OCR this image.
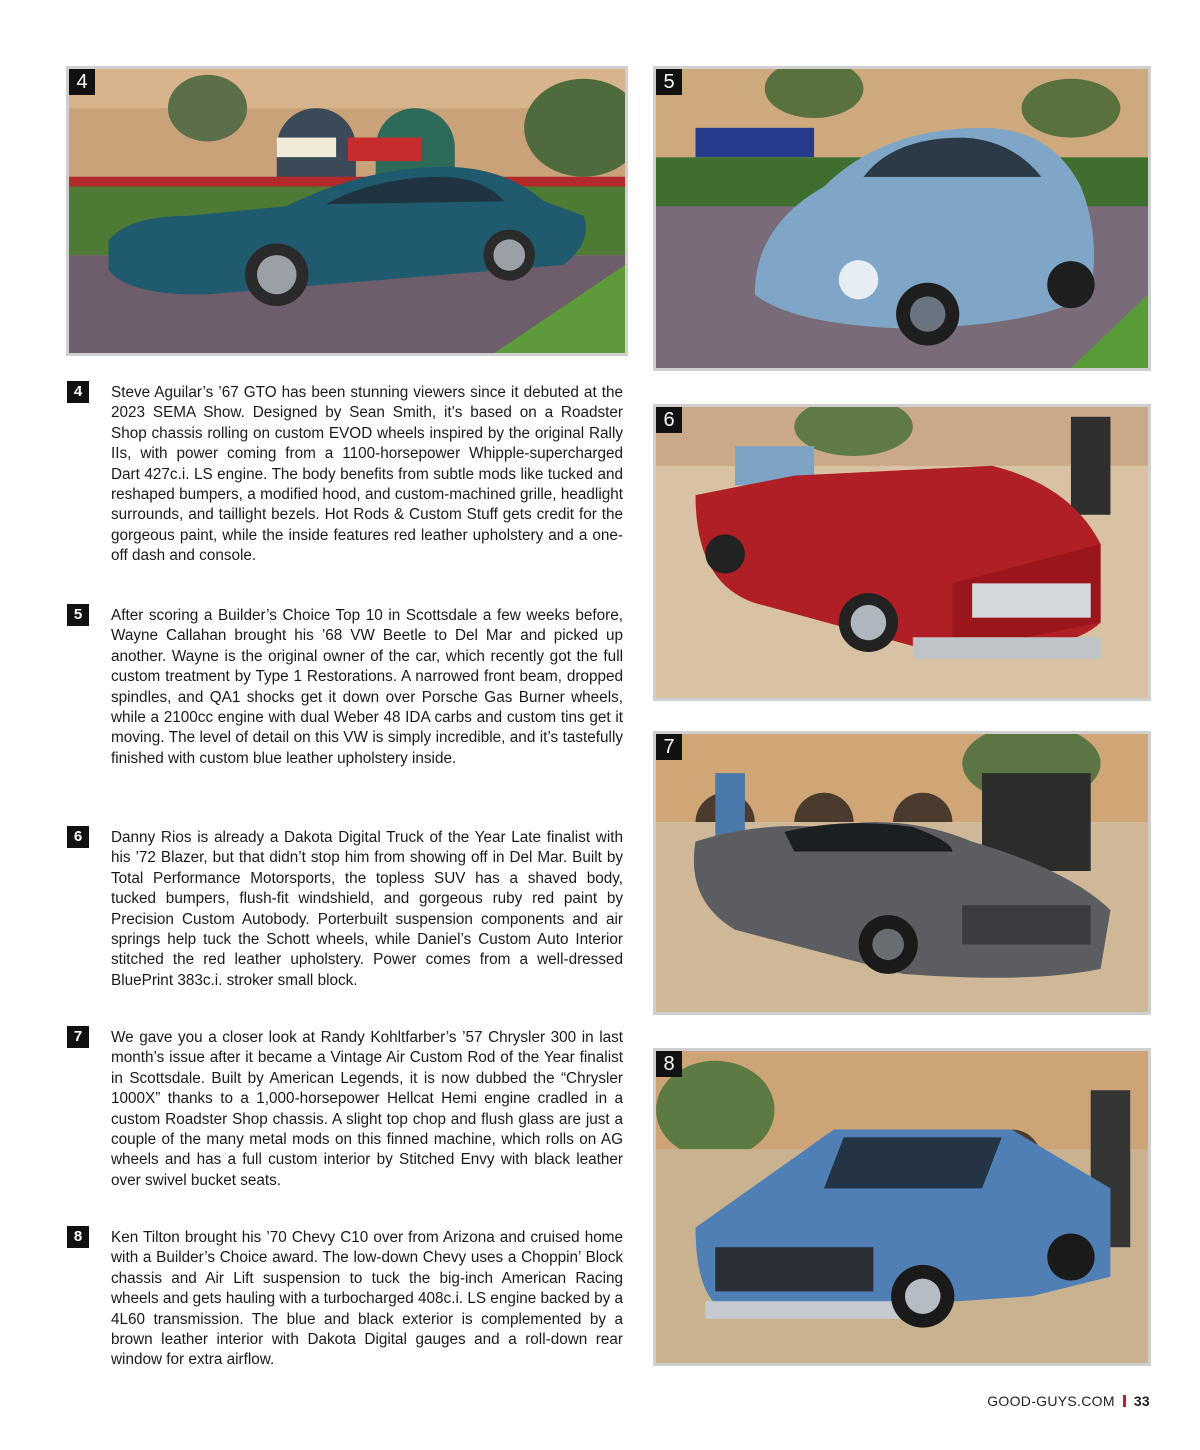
4	5
6
7
8
4	Steve Aguilar’s ’67 GTO has been stunning viewers since it debuted at the 2023 SEMA Show. Designed by Sean Smith, it’s based on a Roadster Shop chassis rolling on custom EVOD wheels inspired by the original Rally IIs, with power coming from a 1100-horsepower Whipple-supercharged Dart 427c.i. LS engine. The body benefits from subtle mods like tucked and reshaped bumpers, a modified hood, and custom-machined grille, headlight surrounds, and taillight bezels. Hot Rods & Custom Stuff gets credit for the gorgeous paint, while the inside features red leather upholstery and a one-off dash and console.

5	After scoring a Builder’s Choice Top 10 in Scottsdale a few weeks before, Wayne Callahan brought his ’68 VW Beetle to Del Mar and picked up another. Wayne is the original owner of the car, which recently got the full custom treatment by Type 1 Restorations. A narrowed front beam, dropped spindles, and QA1 shocks get it down over Porsche Gas Burner wheels, while a 2100cc engine with dual Weber 48 IDA carbs and custom tins get it moving. The level of detail on this VW is simply incredible, and it’s tastefully finished with custom blue leather upholstery inside.

6	Danny Rios is already a Dakota Digital Truck of the Year Late finalist with his ’72 Blazer, but that didn’t stop him from showing off in Del Mar. Built by Total Performance Motorsports, the topless SUV has a shaved body, tucked bumpers, flush-fit windshield, and gorgeous ruby red paint by Precision Custom Autobody. Porterbuilt suspension components and air springs help tuck the Schott wheels, while Daniel’s Custom Auto Interior stitched the red leather upholstery. Power comes from a well-dressed BluePrint 383c.i. stroker small block.

7	We gave you a closer look at Randy Kohltfarber’s ’57 Chrysler 300 in last month’s issue after it became a Vintage Air Custom Rod of the Year finalist in Scottsdale. Built by American Legends, it is now dubbed the “Chrysler 1000X” thanks to a 1,000-horsepower Hellcat Hemi engine cradled in a custom Roadster Shop chassis. A slight top chop and flush glass are just a couple of the many metal mods on this finned machine, which rolls on AG wheels and has a full custom interior by Stitched Envy with black leather over swivel bucket seats.

8	Ken Tilton brought his ’70 Chevy C10 over from Arizona and cruised home with a Builder’s Choice award. The low-down Chevy uses a Choppin’ Block chassis and Air Lift suspension to tuck the big-inch American Racing wheels and gets hauling with a turbocharged 408c.i. LS engine backed by a 4L60 transmission. The blue and black exterior is complemented by a brown leather interior with Dakota Digital gauges and a roll-down rear window for extra airflow.

GOOD-GUYS.COM 33
